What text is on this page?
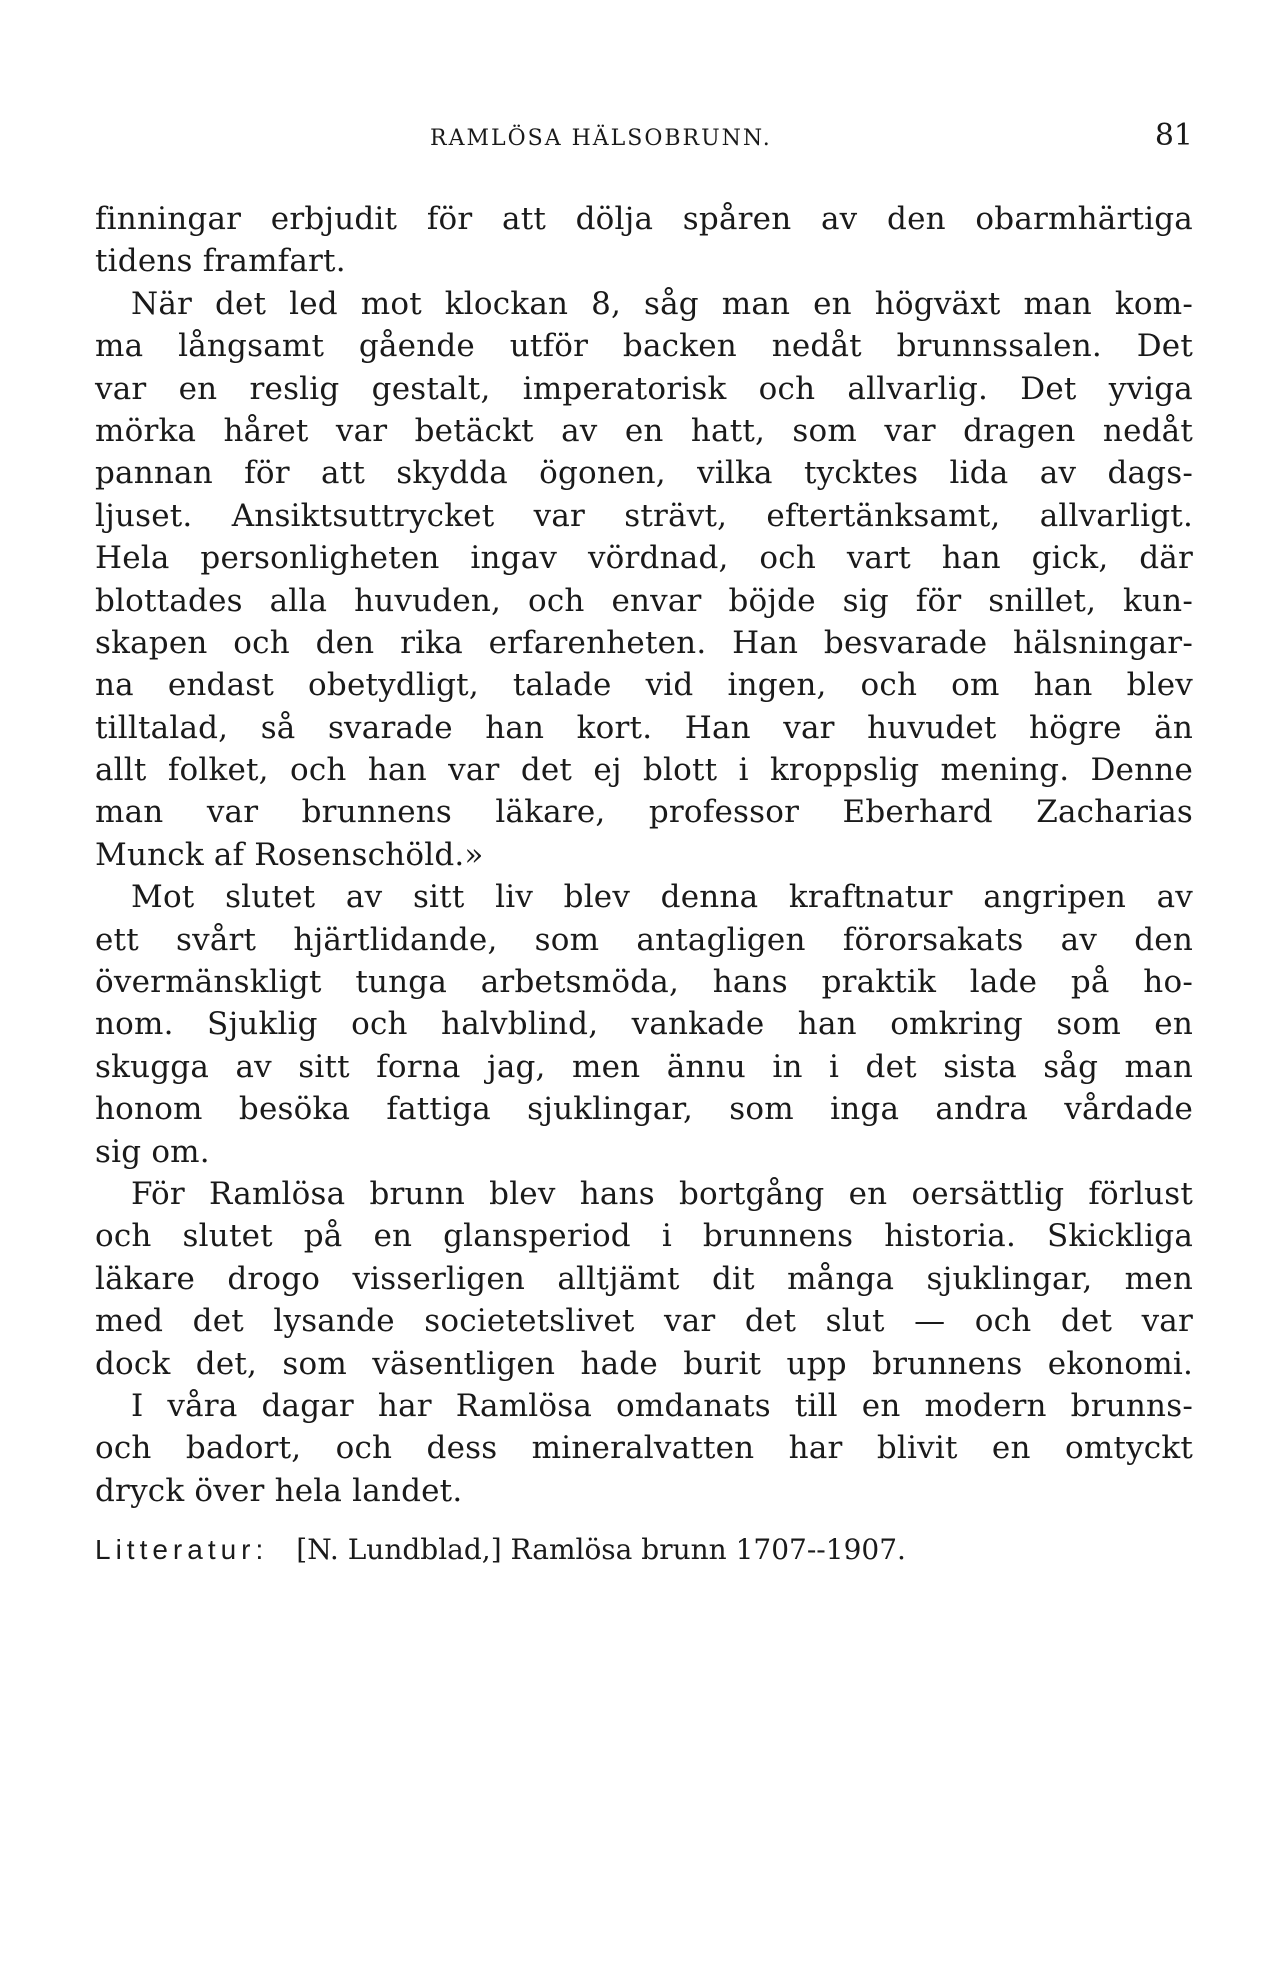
RAMLÖSA HÄLSOBRUNN.	81
finningar erbjudit för att dölja spåren av den obarmhärtiga
tidens framfart.
När det led mot klockan 8, såg man en högväxt man kom-
ma långsamt gående utför backen nedåt brunnssalen. Det
var en reslig gestalt, imperatorisk och allvarlig. Det yviga
mörka håret var betäckt av en hatt, som var dragen nedåt
pannan för att skydda ögonen, vilka tycktes lida av dags-
ljuset. Ansiktsuttrycket var strävt, eftertänksamt, allvarligt.
Hela personligheten ingav vördnad, och vart han gick, där
blottades alla huvuden, och envar böjde sig för snillet, kun-
skapen och den rika erfarenheten. Han besvarade hälsningar-
na endast obetydligt, talade vid ingen, och om han blev
tilltalad, så svarade han kort. Han var huvudet högre än
allt folket, och han var det ej blott i kroppslig mening. Denne
man var brunnens läkare, professor Eberhard Zacharias
Munck af Rosenschöld.»
Mot slutet av sitt liv blev denna kraftnatur angripen av
ett svårt hjärtlidande, som antagligen förorsakats av den
övermänskligt tunga arbetsmöda, hans praktik lade på ho-
nom. Sjuklig och halvblind, vankade han omkring som en
skugga av sitt forna jag, men ännu in i det sista såg man
honom besöka fattiga sjuklingar, som inga andra vårdade
sig om.
För Ramlösa brunn blev hans bortgång en oersättlig förlust
och slutet på en glansperiod i brunnens historia. Skickliga
läkare drogo visserligen alltjämt dit många sjuklingar, men
med det lysande societetslivet var det slut — och det var
dock det, som väsentligen hade burit upp brunnens ekonomi.
I våra dagar har Ramlösa omdanats till en modern brunns-
och badort, och dess mineralvatten har blivit en omtyckt
dryck över hela landet.
Litteratur: [N. Lundblad,] Ramlösa brunn 1707--1907.
